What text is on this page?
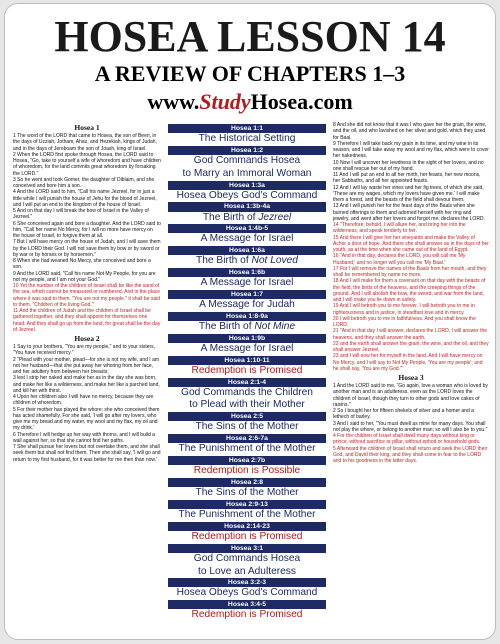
HOSEA LESSON 14
A REVIEW OF CHAPTERS 1–3
www.StudyHosea.com
Hosea 1

1 The word of the LORD that came to Hosea, the son of Beeri, in the days of Uzziah, Jotham, Ahaz, and Hezekiah, kings of Judah, and in the days of Jeroboam the son of Joash, king of Israel.

2 When the LORD first spoke through Hosea, the LORD said to Hosea, "Go, take to yourself a wife of whoredom and have children of whoredom, for the land commits great whoredom by forsaking the LORD."

3 So he went and took Gomer, the daughter of Diblaim, and she conceived and bore him a son.

4 And the LORD said to him, "Call his name Jezreel, for in just a little while I will punish the house of Jehu for the blood of Jezreel, and I will put an end to the kingdom of the house of Israel.

5 And on that day I will break the bow of Israel in the Valley of Jezreel."

6 She conceived again and bore a daughter. And the LORD said to him, "Call her name No Mercy, for I will no more have mercy on the house of Israel, to forgive them at all.

7 But I will have mercy on the house of Judah, and I will save them by the LORD their God. I will not save them by bow or by sword or by war or by horses or by horsemen."

8 When she had weaned No Mercy, she conceived and bore a son.

9 And the LORD said, "Call his name Not My People, for you are not my people, and I am not your God."

10 Yet the number of the children of Israel shall be like the sand of the sea, which cannot be measured or numbered. And in the place where it was said to them, "You are not my people," it shall be said to them, "Children of the living God."

11 And the children of Judah and the children of Israel shall be gathered together, and they shall appoint for themselves one head. And they shall go up from the land, for great shall be the day of Jezreel.

Hosea 2

1 Say to your brothers, "You are my people," and to your sisters, "You have received mercy."

2 "Plead with your mother, plead—for she is not my wife, and I am not her husband—that she put away her whoring from her face, and her adultery from between her breasts;

3 lest I strip her naked and make her as in the day she was born, and make her like a wilderness, and make her like a parched land, and kill her with thirst.

4 Upon her children also I will have no mercy, because they are children of whoredom.

5 For their mother has played the whore; she who conceived them has acted shamefully. For she said, 'I will go after my lovers, who give me my bread and my water, my wool and my flax, my oil and my drink.'

6 Therefore I will hedge up her way with thorns, and I will build a wall against her, so that she cannot find her paths.

7 She shall pursue her lovers but not overtake them, and she shall seek them but shall not find them. Then she shall say, 'I will go and return to my first husband, for it was better for me then than now.'

Hosea 1:1
The Historical Setting
Hosea 1:2
God Commands Hosea
to Marry an Immoral Woman
Hosea 1:3a
Hosea Obeys God's Command
Hosea 1:3b-4a
The Birth of Jezreel
Hosea 1:4b-5
A Message for Israel
Hosea 1:6a
The Birth of Not Loved
Hosea 1:6b
A Message for Israel
Hosea 1:7
A Message for Judah
Hosea 1:8-9a
The Birth of Not Mine
Hosea 1:9b
A Message for Israel
Hosea 1:10-11
Redemption is Promised
Hosea 2:1-4
God Commands the Children
to Plead with their Mother
Hosea 2:5
The Sins of the Mother
Hosea 2:6-7a
The Punishment of the Mother
Hosea 2:7b
Redemption is Possible
Hosea 2:8
The Sins of the Mother
Hosea 2:9-13
The Punishment of the Mother
Hosea 2:14-23
Redemption is Promised
Hosea 3:1
God Commands Hosea
to Love an Adulteress
Hosea 3:2-3
Hosea Obeys God's Command
Hosea 3:4-5
Redemption is Promised

8 And she did not know that it was I who gave her the grain, the wine, and the oil, and who lavished on her silver and gold, which they used for Baal.

9 Therefore I will take back my grain in its time, and my wine in its season, and I will take away my wool and my flax, which were to cover her nakedness.

10 Now I will uncover her lewdness in the sight of her lovers, and no one shall rescue her out of my hand.

11 And I will put an end to all her mirth, her feasts, her new moons, her Sabbaths, and all her appointed feasts.

12 And I will lay waste her vines and her fig trees, of which she said, 'These are my wages, which my lovers have given me.' I will make them a forest, and the beasts of the field shall devour them.

13 And I will punish her for the feast days of the Baals when she burned offerings to them and adorned herself with her ring and jewelry, and went after her lovers and forgot me, declares the LORD.

14 "Therefore, behold, I will allure her, and bring her into the wilderness, and speak tenderly to her.

15 And there I will give her her vineyards and make the Valley of Achor a door of hope. And there she shall answer as in the days of her youth, as at the time when she came out of the land of Egypt.

16 "And in that day, declares the LORD, you will call me 'My Husband,' and no longer will you call me 'My Baal.'

17 For I will remove the names of the Baals from her mouth, and they shall be remembered by name no more.

18 And I will make for them a covenant on that day with the beasts of the field, the birds of the heavens, and the creeping things of the ground. And I will abolish the bow, the sword, and war from the land, and I will make you lie down in safety.

19 And I will betroth you to me forever. I will betroth you to me in righteousness and in justice, in steadfast love and in mercy.

20 I will betroth you to me in faithfulness. And you shall know the LORD.

21 "And in that day I will answer, declares the LORD, I will answer the heavens, and they shall answer the earth,

22 and the earth shall answer the grain, the wine, and the oil, and they shall answer Jezreel,

23 and I will sow her for myself in the land. And I will have mercy on No Mercy, and I will say to Not My People, 'You are my people'; and he shall say, 'You are my God.'"

Hosea 3

1 And the LORD said to me, "Go again, love a woman who is loved by another man and is an adulteress, even as the LORD loves the children of Israel, though they turn to other gods and love cakes of raisins."

2 So I bought her for fifteen shekels of silver and a homer and a lethech of barley.

3 And I said to her, "You must dwell as mine for many days. You shall not play the whore, or belong to another man; so will I also be to you."

4 For the children of Israel shall dwell many days without king or prince, without sacrifice or pillar, without ephod or household gods.

5 Afterward the children of Israel shall return and seek the LORD their God, and David their king, and they shall come in fear to the LORD and to his goodness in the latter days.
